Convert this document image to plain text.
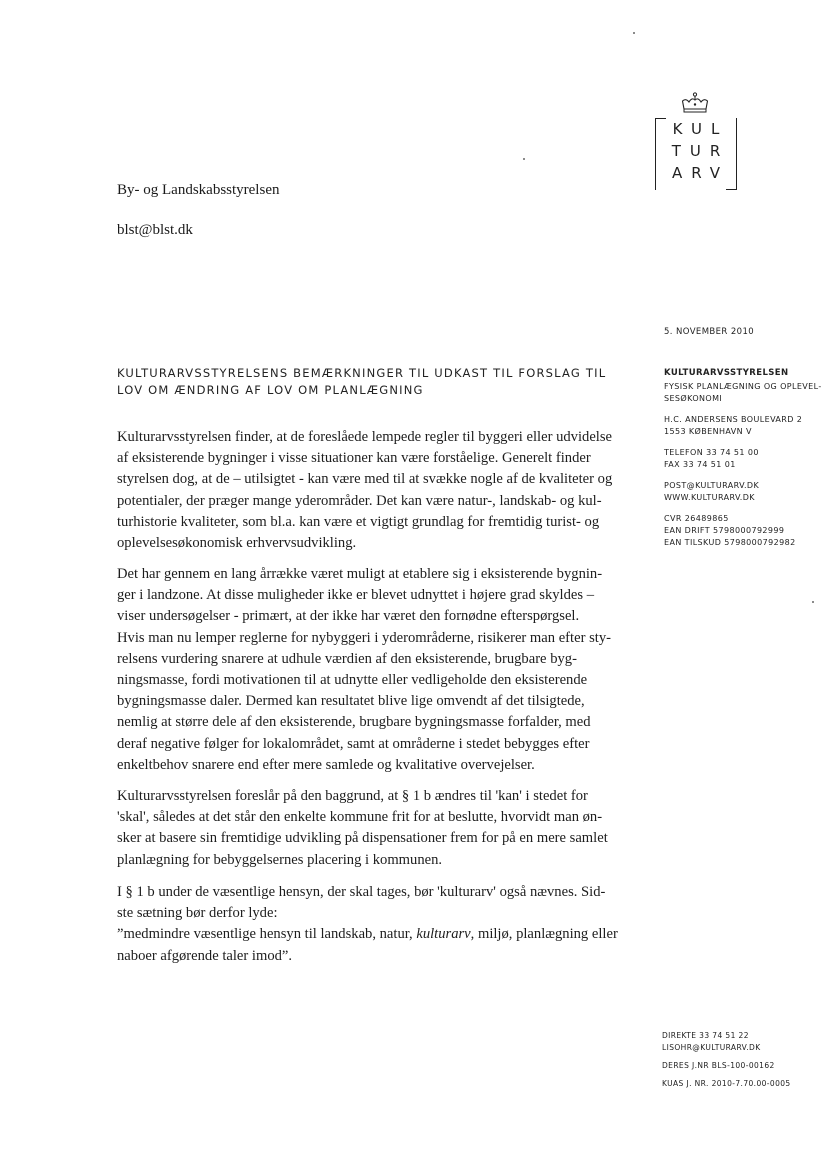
KUL
TUR
ARV
By- og Landskabsstyrelsen
blst@blst.dk
5. NOVEMBER 2010
KULTURARVSSTYRELSEN
FYSISK PLANLÆGNING OG OPLEVEL-
SESØKONOMI
H.C. ANDERSENS BOULEVARD 2
1553 KØBENHAVN V
TELEFON 33 74 51 00
FAX 33 74 51 01
POST@KULTURARV.DK
WWW.KULTURARV.DK
CVR 26489865
EAN DRIFT 5798000792999
EAN TILSKUD 5798000792982
KULTURARVSSTYRELSENS BEMÆRKNINGER TIL UDKAST TIL FORSLAG TIL
LOV OM ÆNDRING AF LOV OM PLANLÆGNING
Kulturarvsstyrelsen finder, at de foreslåede lempede regler til byggeri eller udvidelse
af eksisterende bygninger i visse situationer kan være forståelige. Generelt finder
styrelsen dog, at de – utilsigtet - kan være med til at svække nogle af de kvaliteter og
potentialer, der præger mange yderområder. Det kan være natur-, landskab- og kul-
turhistorie kvaliteter, som bl.a. kan være et vigtigt grundlag for fremtidig turist- og
oplevelsesøkonomisk erhvervsudvikling.
Det har gennem en lang årrække været muligt at etablere sig i eksisterende bygnin-
ger i landzone. At disse muligheder ikke er blevet udnyttet i højere grad skyldes –
viser undersøgelser - primært, at der ikke har været den fornødne efterspørgsel.
Hvis man nu lemper reglerne for nybyggeri i yderområderne, risikerer man efter sty-
relsens vurdering snarere at udhule værdien af den eksisterende, brugbare byg-
ningsmasse, fordi motivationen til at udnytte eller vedligeholde den eksisterende
bygningsmasse daler. Dermed kan resultatet blive lige omvendt af det tilsigtede,
nemlig at større dele af den eksisterende, brugbare bygningsmasse forfalder, med
deraf negative følger for lokalområdet, samt at områderne i stedet bebygges efter
enkeltbehov snarere end efter mere samlede og kvalitative overvejelser.
Kulturarvsstyrelsen foreslår på den baggrund, at § 1 b ændres til 'kan' i stedet for
'skal', således at det står den enkelte kommune frit for at beslutte, hvorvidt man øn-
sker at basere sin fremtidige udvikling på dispensationer frem for på en mere samlet
planlægning for bebyggelsernes placering i kommunen.
I § 1 b under de væsentlige hensyn, der skal tages, bør 'kulturarv' også nævnes. Sid-
ste sætning bør derfor lyde:
”medmindre væsentlige hensyn til landskab, natur, kulturarv, miljø, planlægning eller
naboer afgørende taler imod”.
DIREKTE 33 74 51 22
LISOHR@KULTURARV.DK
DERES J.NR BLS-100-00162
KUAS J. NR. 2010-7.70.00-0005
